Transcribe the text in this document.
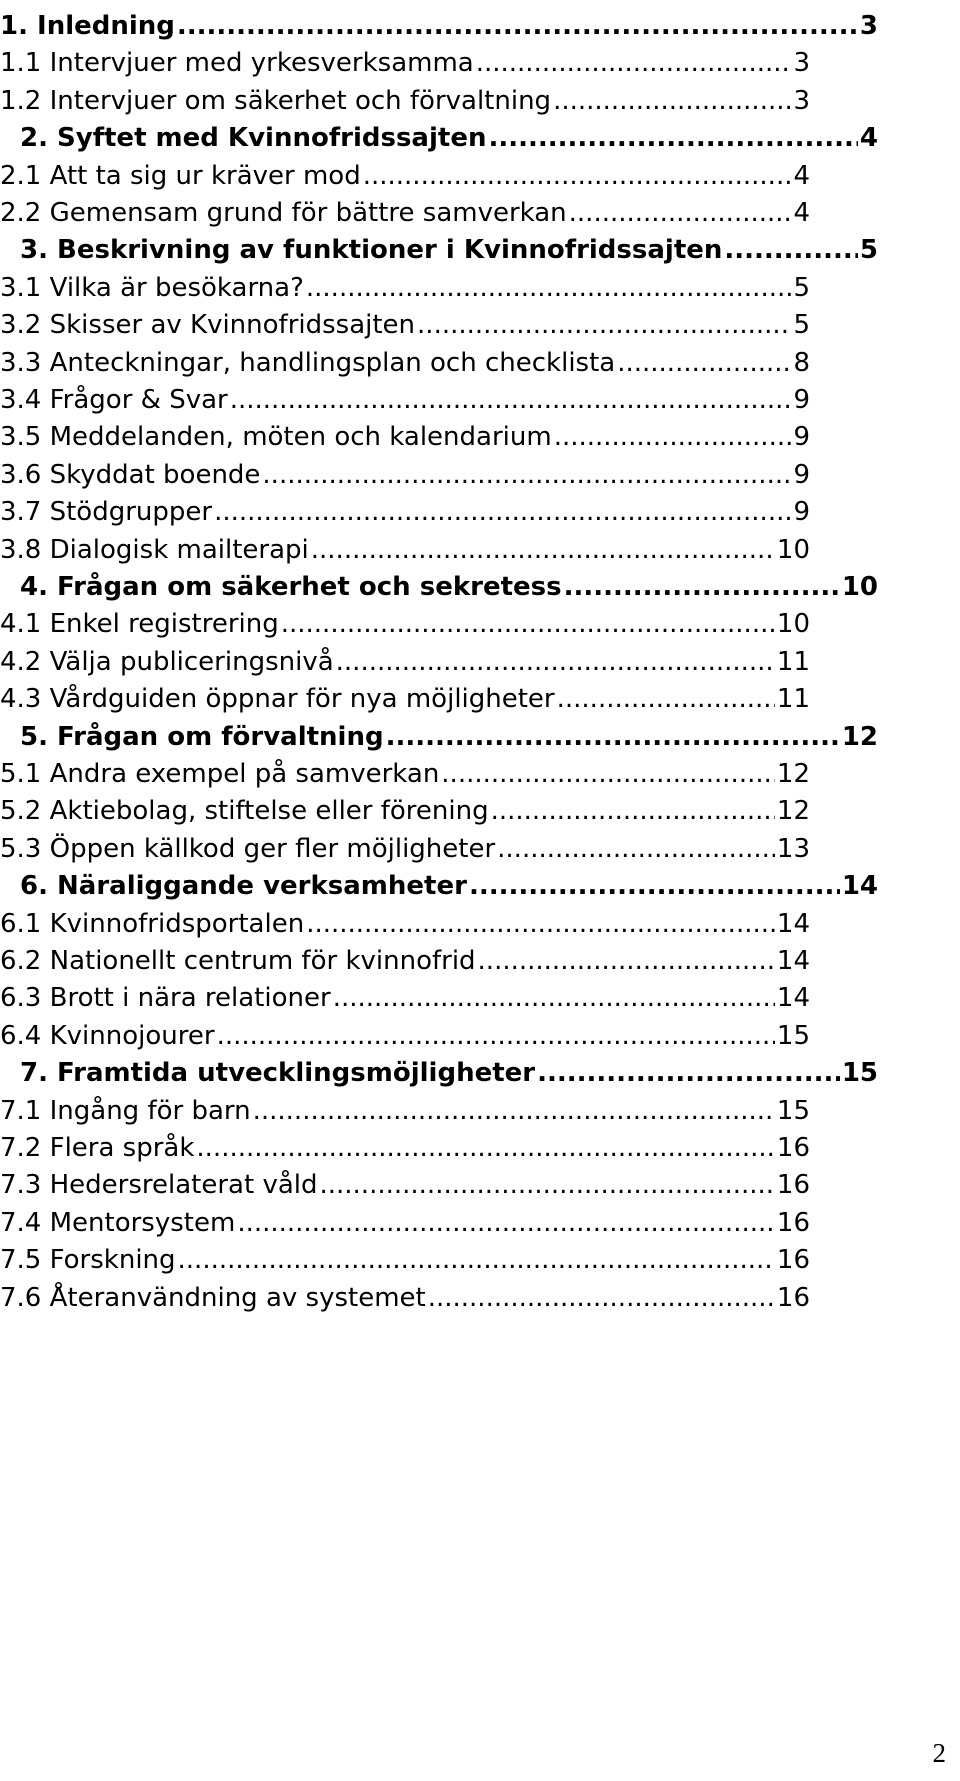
1. Inledning .....	3
1.1 Intervjuer med yrkesverksamma .....	3
1.2 Intervjuer om säkerhet och förvaltning .....	3
2. Syftet med Kvinnofridssajten .....	4
2.1 Att ta sig ur kräver mod .....	4
2.2 Gemensam grund för bättre samverkan .....	4
3. Beskrivning av funktioner i Kvinnofridssajten .....	5
3.1 Vilka är besökarna? .....	5
3.2 Skisser av Kvinnofridssajten .....	5
3.3 Anteckningar, handlingsplan och checklista .....	8
3.4 Frågor & Svar .....	9
3.5 Meddelanden, möten och kalendarium .....	9
3.6 Skyddat boende .....	9
3.7 Stödgrupper .....	9
3.8 Dialogisk mailterapi .....	10
4. Frågan om säkerhet och sekretess .....	10
4.1 Enkel registrering .....	10
4.2 Välja publiceringsnivå .....	11
4.3 Vårdguiden öppnar för nya möjligheter .....	11
5. Frågan om förvaltning .....	12
5.1 Andra exempel på samverkan .....	12
5.2 Aktiebolag, stiftelse eller förening .....	12
5.3 Öppen källkod ger fler möjligheter .....	13
6. Näraliggande verksamheter .....	14
6.1 Kvinnofridsportalen .....	14
6.2 Nationellt centrum för kvinnofrid .....	14
6.3 Brott i nära relationer .....	14
6.4 Kvinnojourer .....	15
7. Framtida utvecklingsmöjligheter .....	15
7.1 Ingång för barn .....	15
7.2 Flera språk .....	16
7.3 Hedersrelaterat våld .....	16
7.4 Mentorsystem .....	16
7.5 Forskning .....	16
7.6 Återanvändning av systemet .....	16
2
